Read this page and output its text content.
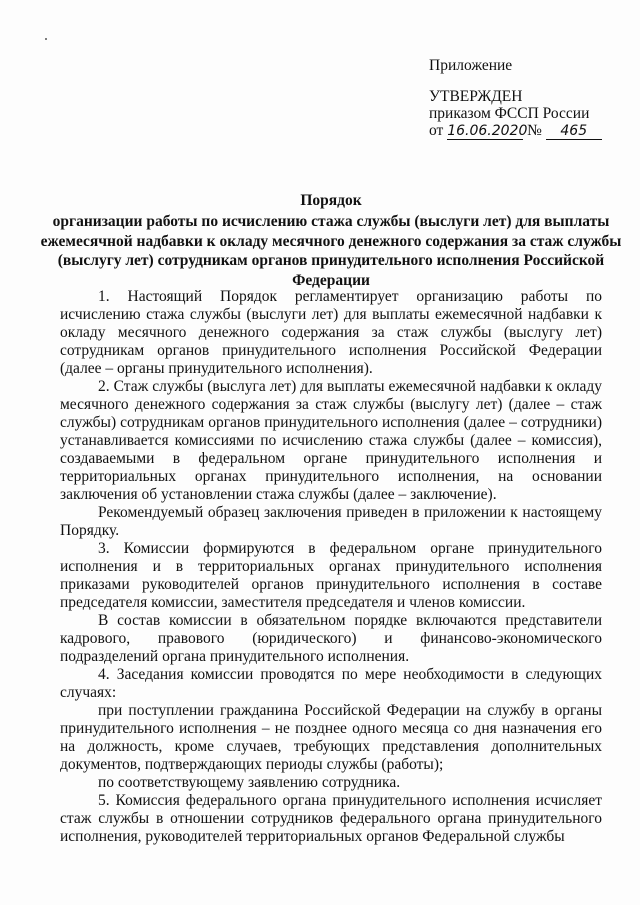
Приложение
УТВЕРЖДЕН
приказом ФССП России
от 16.06.2020 № 465
Порядок
организации работы по исчислению стажа службы (выслуги лет) для выплаты ежемесячной надбавки к окладу месячного денежного содержания за стаж службы (выслугу лет) сотрудникам органов принудительного исполнения Российской Федерации

1. Настоящий Порядок регламентирует организацию работы по исчислению стажа службы (выслуги лет) для выплаты ежемесячной надбавки к окладу месячного денежного содержания за стаж службы (выслугу лет) сотрудникам органов принудительного исполнения Российской Федерации (далее – органы принудительного исполнения).

2. Стаж службы (выслуга лет) для выплаты ежемесячной надбавки к окладу месячного денежного содержания за стаж службы (выслугу лет) (далее – стаж службы) сотрудникам органов принудительного исполнения (далее – сотрудники) устанавливается комиссиями по исчислению стажа службы (далее – комиссия), создаваемыми в федеральном органе принудительного исполнения и территориальных органах принудительного исполнения, на основании заключения об установлении стажа службы (далее – заключение).

Рекомендуемый образец заключения приведен в приложении к настоящему Порядку.

3. Комиссии формируются в федеральном органе принудительного исполнения и в территориальных органах принудительного исполнения приказами руководителей органов принудительного исполнения в составе председателя комиссии, заместителя председателя и членов комиссии.

В состав комиссии в обязательном порядке включаются представители кадрового, правового (юридического) и финансово-экономического подразделений органа принудительного исполнения.

4. Заседания комиссии проводятся по мере необходимости в следующих случаях:

при поступлении гражданина Российской Федерации на службу в органы принудительного исполнения – не позднее одного месяца со дня назначения его на должность, кроме случаев, требующих представления дополнительных документов, подтверждающих периоды службы (работы);

по соответствующему заявлению сотрудника.

5. Комиссия федерального органа принудительного исполнения исчисляет стаж службы в отношении сотрудников федерального органа принудительного исполнения, руководителей территориальных органов Федеральной службы
